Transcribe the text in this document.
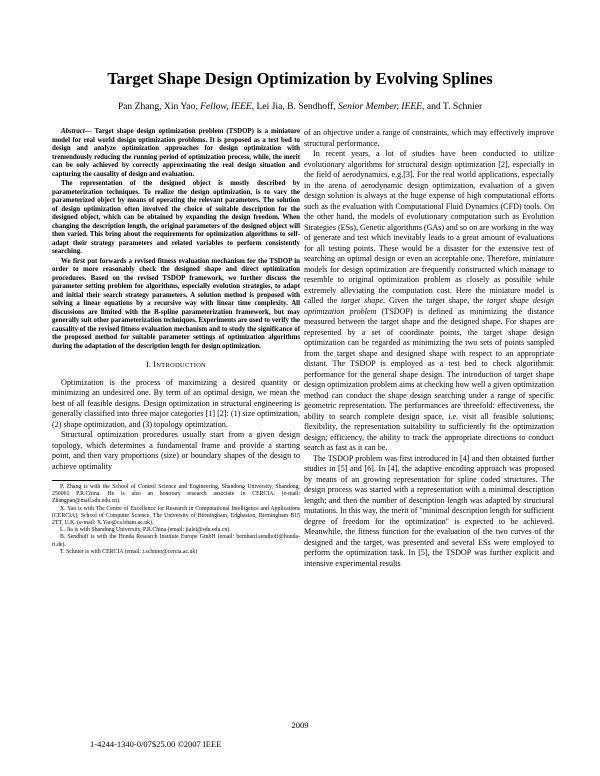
Target Shape Design Optimization by Evolving Splines
Pan Zhang, Xin Yao, Fellow, IEEE, Lei Jia, B. Sendhoff, Senior Member, IEEE, and T. Schnier

Abstract— Target shape design optimization problem (TSDOP) is a miniature model for real world design optimization problems. It is proposed as a test bed to design and analyze optimization approaches for design optimization with tremendously reducing the running period of optimization process, while, the merit can be only achieved by correctly approximating the real design situation and capturing the causality of design and evaluation.

The representation of the designed object is mostly described by parameterization techniques. To realize the design optimization, is to vary the parameterized object by means of operating the relevant parameters. The solution of design optimization often involved the choice of suitable description for the designed object, which can be obtained by expanding the design freedom. When changing the description length, the original parameters of the designed object will then varied. This bring about the requirements for optimization algorithms to self-adapt their strategy parameters and related variables to perform consistently searching.

We first put forwards a revised fitness evaluation mechanism for the TSDOP in order to more reasonably check the designed shape and direct optimization procedures. Based on the revised TSDOP framework, we further discuss the parameter setting problem for algorithms, especially evolution strategies, to adapt and initial their search strategy parameters. A solution method is proposed with solving a linear equations by a recursive way with linear time complexity. All discussions are limited with the B-spline parameterization framework, but may generally suit other parameterization techniques. Experiments are used to verify the causality of the revised fitness evaluation mechanism and to study the significance of the proposed method for suitable parameter settings of optimization algorithms during the adaptation of the description length for design optimization.

I. INTRODUCTION

Optimization is the process of maximizing a desired quantity or minimizing an undesired one. By term of an optimal design, we mean the best of all feasible designs. Design optimization in structural engineering is generally classified into three major categories [1] [2]: (1) size optimization, (2) shape optimization, and (3) topology optimization.

Structural optimization procedures usually start from a given design topology, which determines a fundamental frame and provide a starting point, and then vary proportions (size) or boundary shapes of the design to achieve optimality

P. Zhang is with the School of Control Science and Engineering, Shandong University, Shandong, 250061 P.R.China. He is also an honorary research associate in CERCIA. (e-mail: Zhangpan@mail.sdu.edu.cn).

X. Yao is with The Centre of Excellence for Research in Computational Intelligence and Applications (CERCIA), School of Computer Science, The University of Birmingham, Edgbaston, Birmingham B15 2TT, U.K. (e-mail: X.Yao@cs.bham.ac.uk).

L. Jia is with Shandong University, P.R.China (email: jialei@sdu.edu.cn).

B. Sendhoff is with the Honda Research Institute Europe GmbH (email: bernhard.sendhoff@honda-ri.de).

T. Schnier is with CERCIA (email: t.schnier@cercia.ac.uk)

of an objective under a range of constraints, which may effectively improve structural performance.

In recent years, a lot of studies have been conducted to utilize evolutionary algorithms for structural design optimization [2], especially in the field of aerodynamics, e.g.[3]. For the real world applications, especially in the arena of aerodynamic design optimization, evaluation of a given design solution is always at the huge expense of high computational efforts such as the evaluation with Computational Fluid Dynamics (CFD) tools. On the other hand, the models of evolutionary computation such as Evolution Strategies (ESs), Genetic algorithms (GAs) and so on are working in the way of generate and test which inevitably leads to a great amount of evaluations for all testing points. These would be a disaster for the extensive test of searching an optimal design or even an acceptable one. Therefore, miniature models for design optimization are frequently constructed which manage to resemble to original optimization problem as closely as possible while extremely alleviating the computation cost. Here the miniature model is called the target shape. Given the target shape, the target shape design optimization problem (TSDOP) is defined as minimizing the distance measured between the target shape and the designed shape. For shapes are represented by a set of coordinate points, the target shape design optimization can be regarded as minimizing the two sets of points sampled from the target shape and designed shape with respect to an appropriate distant. The TSDOP is employed as a test bed to check algorithmic performance for the general shape design. The introduction of target shape design optimization problem aims at checking how well a given optimization method can conduct the shape design searching under a range of specific geometric representation. The performances are threefold: effectiveness, the ability to search complete design space, i.e. visit all feasible solutions; flexibility, the representation suitability to sufficiently fit the optimization design; efficiency, the ability to track the appropriate directions to conduct search as fast as it can be.

The TSDOP problem was first introduced in [4] and then obtained further studies in [5] and [6]. In [4], the adaptive encoding approach was proposed by means of an growing representation for spline coded structures. The design process was started with a representation with a minimal description length; and then the number of description length was adapted by structural mutations. In this way, the merit of "minimal description length for sufficient degree of freedom for the optimization" is expected to be achieved. Meanwhile, the fitness function for the evaluation of the two curves of the designed and the target, was presented and several ESs were employed to perform the optimization task. In [5], the TSDOP was further explicit and intensive experimental results

2009
1-4244-1340-0/07$25.00 ©2007 IEEE
